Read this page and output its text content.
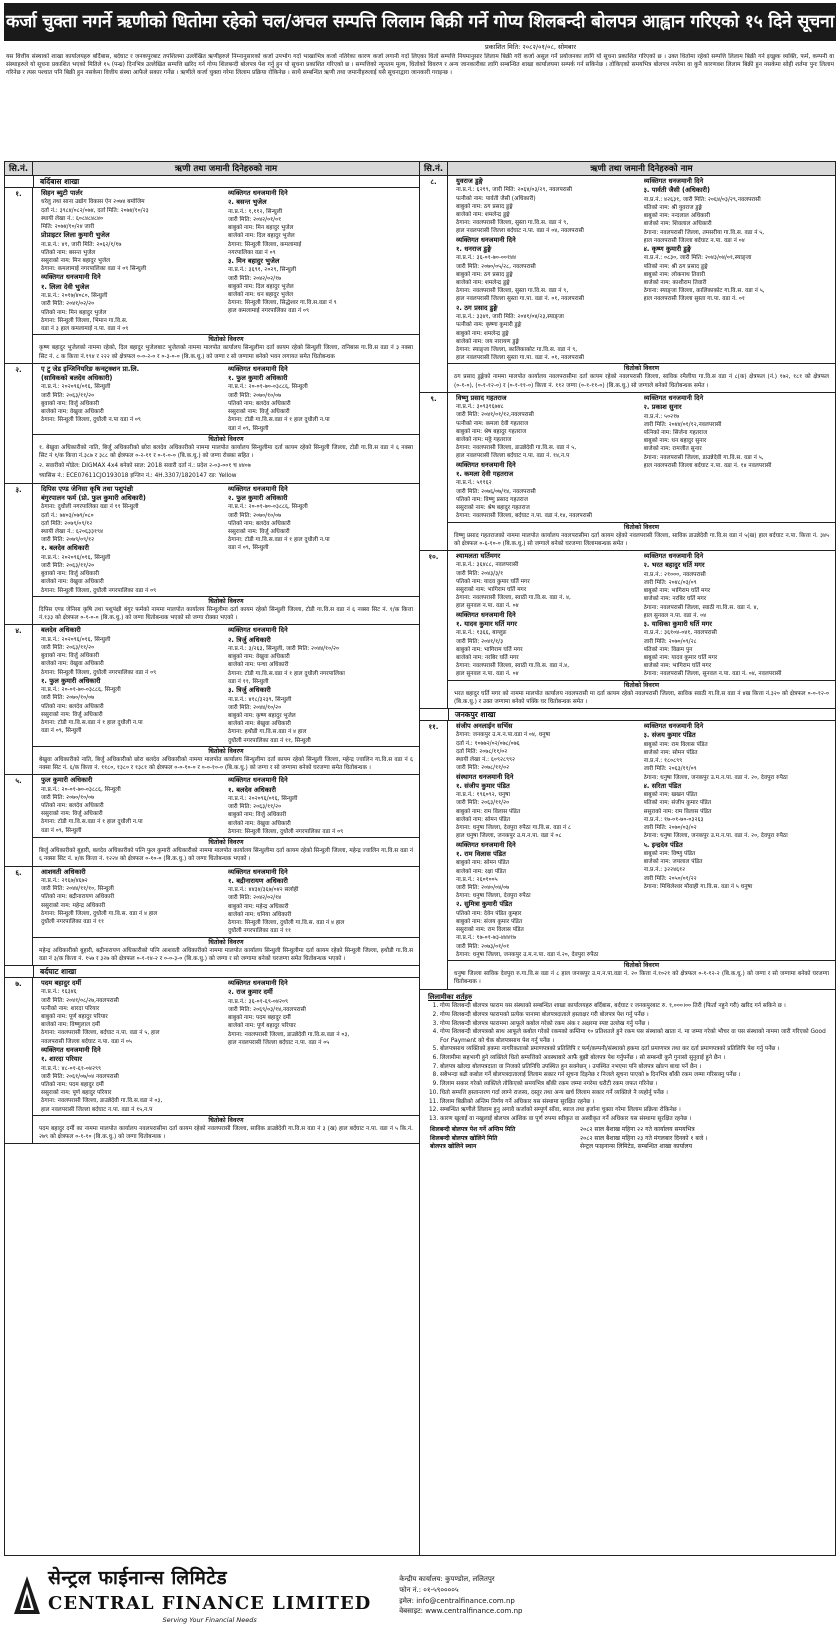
कर्जा चुक्ता नगर्ने ऋणीको धितोमा रहेको चल/अचल सम्पत्ति लिलाम बिक्री गर्ने गोप्य शिलबन्दी बोलपत्र आह्वान गरिएको १५ दिने सूचना
प्रकाशित मिति: २०८२/०१/०८, सोमबार
यस वित्तीय संस्थाको शाखा कार्यालयहरु बर्दिबास, बर्दघाट र जनकपुरबाट तपशिलमा उल्लेखित ऋणीहरुले निम्नानुसारको कर्जा उपभोग गर्दा भाखाभित्र कर्जा नतिरेका कारण कर्जा लगानी गर्दा लिएका धितो सम्पत्ति नियमानुसार लिलाम बिक्री गरी कर्जा असुल गर्ने प्रयोजनका लागि यो सूचना प्रकाशित गरिएको छ । उक्त धितोमा रहेको सम्पत्ति लिलाम बिक्री गर्न इच्छुक व्यक्ति, फर्म, कम्पनी वा संस्थाहरुले यो सूचना प्रकाशित भएको मितिले १५ (पन्ध्र) दिनभित्र उल्लेखित सम्पत्ति खरिद गर्न गोप्य शिलबन्दी बोलपत्र पेश गर्नु हुन यो सूचना प्रकाशित गरिएको छ । सम्पत्तिको न्यूनतम मूल्य, धितोको विवरण र अन्य जानकारीका लागि सम्बन्धित शाखा कार्यालयमा सम्पर्क गर्न सकिनेछ । तोकिएको समयभित्र बोलपत्र नपरेमा वा कुनै कारणवश लिलाम बिक्री हुन नसकेमा सोही शर्तमा पुनः लिलाम गरिनेछ र त्यस पश्चात पनि बिक्री हुन नसकेमा वित्तीय संस्था आफैले सकार गर्नेछ । ऋणीले कर्जा चुक्ता गरेमा लिलाम प्रक्रिया रोकिनेछ । साथै सम्बन्धित ऋणी तथा जमानीहरुलाई यसै सूचनाद्वारा जानकारी गराइन्छ ।
सि.नं.	ऋणी तथा जमानी दिनेहरुको नाम
बर्दिबास शाखा
१.	सिहन ब्युटी पार्लर

धरेलु तथा साना उद्योग विकास ऐन २०७४ बमोजिम

दर्ता नं.: ३९८४/०८२/०७४, दर्ता मिति: २०७४/१०/२३

स्थायी लेखा नं.: ६०८४८४८४०

मिति: २०७४/१०/२४ जारी

प्रोप्राइटर लिला कुमारी भुजेल

ना.प्र.नं.: ४१, जारी मिति: २०६२/१/१७

पतिको नाम: बसन्त भुजेल

ससुराको नाम: मिन बहादुर भुजेल

ठेगाना: कमलामाई नगरपालिका वडा नं ०९ सिन्धुली

व्यक्तिगत धनजमानी दिने

१. लिला देवी भुजेल

ना.प्र.नं.: २०१७/४०८०, सिन्धुली

जारी मिति: २०४१/०२/२०

पतिको नाम: मिन बहादुर भुजेल

ठेगाना: सिन्धुली जिल्ला, भिमान गा.वि.स.

वडा नं ३ हाल कमलामाई न.पा. वडा नं ०९

व्यक्तिगत धनजमानी दिने

२. बसन्त भुजेल

ना.प्र.नं.: १,११२, सिन्धुली

जारी मिति: २०४२/०१/०१

बाबुको नाम: मिन बहादुर भुजेल

बाजेको नाम: दिल बहादुर भुजेल

ठेगाना: सिन्धुली जिल्ला, कमलामाई

नगरपालिका वडा नं ०९

३. मिन बहादुर भुजेल

ना.प्र.नं.: ३६९१, २०२९, सिन्धुली

जारी मिति: २०४२/०२/१७

बाबुको नाम: दिल बहादुर भुजेल

बाजेको नाम: धन बहादुर भुजेल

ठेगाना: सिन्धुली जिल्ला, सिद्धेश्वर गा.वि.स.वडा नं ९

हाल कमलामाई नगरपालिका वडा नं ०९

धितोको विवरण
कृष्ण बहादुर भुजेलको नाममा रहेको, दिल बहादुर भुजेलबाट भुजेलको नाममा मालपोत कार्यालय सिन्धुलीमा दर्ता कायम रहेको सिन्धुली जिल्ला, रानिबास गा.वि.स वडा नं ३ नक्सा सिट नं. ८ क कित्ता नं.१९४ र २२२ को क्षेत्रफल ०-०-२-० र ०-३-०-० (बि.क.धु.) को जग्गा र सो जग्गामा बनेको भवन लगायत समेत धितोबन्धक
२.	ए टु जेड इन्जिनियरिङ कन्स्ट्रक्शन प्रा.लि.

(साविकको बलदेव अधिकारी)

ना.प्र.नं.: २०२०९६/०१६, सिन्धुली

जारी मिति: २०६३/११/२०

बुवाको नाम: विर्जु अधिकारी

बाजेको नाम: वेखुवा अधिकारी

ठेगाना: सिन्धुली जिल्ला, दुधौली न.पा वडा नं ०९

व्यक्तिगत धनजमानी दिने

१. फुल कुमारी अधिकारी

ना.प्र.नं.: २०-०१-७०-०३८८६, सिन्धुली

जारी मिति: २०७०/१०/०७

पतिको नाम: बलदेव अधिकारी

ससुराको नाम: विर्जु अधिकारी

ठेगाना: टोडी गा.वि.स.वडा नं १ हाल दुधौली न.पा

वडा नं ०९, सिन्धुली

धितोको विवरण
१. बेखुवा अधिकारीको नाति, बिर्जु अधिकारीको छोरा बलदेव अधिकारीको नाममा मालपोत कार्यालय सिन्धुलीमा दर्ता कायम रहेको सिन्धुली जिल्ला, टोडी गा.वि.स वडा नं ६ नक्सा सिट नं १/क कित्ता नं.३८७ र ३८८ को क्षेत्रफल ०-२-११ र ०-१-०-० (बि.क.धु.) को जग्गा रोक्का सहित ।
२. सवारीको मोडेल: DIGMAX 4x4 बनेको साल: 2018 सवारी दर्ता नं.: प्रदेश २-०३-००१ च ४४०७
च्यासिस नं.: ECE07611CJO193018 इन्जिन नं.: 4H.3307/1820147 रङ: Yellow
३.	दिपिस एण्ड जेनिसा कृषि तथा पशुपंक्षी

बंगुरपालन फर्म (प्रो. फुल कुमारी अधिकारी)

ठेगाना: दुधौली नगरपालिका वडा नं ११ सिन्धुली

दर्ता नं.: ७४०३/०७९/०८०

दर्ता मिति: २०७९/०९/१२

स्थायी लेखा नं.: ६२०६३३१९४

जारी मिति: २०७९/०९/१२

१. बलदेव अधिकारी

ना.प्र.नं.: २०२०९६/०१६, सिन्धुली

जारी मिति: २०६३/११/२०

बुवाको नाम: विर्जु अधिकारी

बाजेको नाम: वेखुवा अधिकारी

ठेगाना: सिन्धुली जिल्ला, दुधौली नगरपालिका वडा नं ०९

व्यक्तिगत धनजमानी दिने

२. फुल कुमारी अधिकारी

ना.प्र.नं.: २०-०१-७०-०३८८६, सिन्धुली

जारी मिति: २०७०/१०/०७

पतिको नाम: बलदेव अधिकारी

ससुराको नाम: विर्जु अधिकारी

ठेगाना: टोडी गा.वि.स.वडा नं १ हाल दुधौली न.पा

वडा नं ०९, सिन्धुली

धितोको विवरण
दिपिस एण्ड जेनिसा कृषि तथा पशुपंक्षी बंगुर फर्मको नाममा मालपोत कार्यालय सिन्धुलीमा दर्ता कायम रहेको सिन्धुली जिल्ला, टोडी गा.वि.स वडा नं ६ नक्सा सिट नं. १/क कित्ता नं.१३३ को क्षेत्रफल ०-१-०-० (बि.क.धु.) को जग्गा धितोबन्धक भएको सो जग्गा रोक्का भएको ।
४.	बलदेव अधिकारी

ना.प्र.नं.: २०२०९६/०१६, सिन्धुली

जारी मिति: २०६३/११/२०

बुवाको नाम: विर्जु अधिकारी

बाजेको नाम: वेखुवा अधिकारी

ठेगाना: सिन्धुली जिल्ला, दुधौली नगरपालिका वडा नं ०९

१. फुल कुमारी अधिकारी

ना.प्र.नं.: २०-०१-७०-०३८८६, सिन्धुली

जारी मिति: २०७०/१०/०७

पतिको नाम: बलदेव अधिकारी

ससुराको नाम: विर्जु अधिकारी

ठेगाना: टोडी गा.वि.स.वडा नं १ हाल दुधौली न.पा

वडा नं ०९, सिन्धुली

व्यक्तिगत धनजमानी दिने

२. त्रिर्जु अधिकारी

ना.प्र.नं.: ३/२६३, सिन्धुली, जारी मिति: २०४४/१०/२०

बाबुको नाम: वेखुवा अधिकारी

बाजेको नाम: पन्चा अधिकारी

ठेगाना: टोडी गा.वि.स.वडा नं १ हाल दुधौली नगरपालिका

वडा नं ११, सिन्धुली

३. त्रिर्जु अधिकारी

ना.प्र.नं.: ४१८/३२३९, सिन्धुली

जारी मिति: २०४४/१०/२०

बाबुको नाम: कृष्ण बहादुर भुजेल

बाजेको नाम: बेखुवा अधिकारी

ठेगाना: हथौडी गा.वि.स.वडा नं ४ हाल

दुधौली नगरपालिका वडा नं ११, सिन्धुली

धितोको विवरण
बेखुवा अधिकारीको नाति, बिर्जु अधिकारीको छोरा बलदेव अधिकारीको नाममा मालपोत कार्यालय सिन्धुलीमा दर्ता कायम रहेको सिन्धुली जिल्ला, महेन्द्र ज्वालिन गा.वि.स वडा नं ६ नक्सा सिट नं. ६/क कित्ता नं. ११८०, १३८० र १३८१ को क्षेत्रफल ०-०-१०-० र ०-०-१०-० (बि.क.धु.) को जग्गा र सो जग्गामा बनेको घरजग्गा समेत धितोबन्धक ।
५.	फुल कुमारी अधिकारी

ना.प्र.नं.: २०-०१-७०-०३८८६, सिन्धुली

जारी मिति: २०७०/१०/०७

पतिको नाम: बलदेव अधिकारी

ससुराको नाम: विर्जु अधिकारी

ठेगाना: टोडी गा.वि.स.वडा नं १ हाल दुधौली न.पा

वडा नं ०९, सिन्धुली

व्यक्तिगत धनजमानी दिने

१. बलदेव अधिकारी

ना.प्र.नं.: २०२०९६/०१६, सिन्धुली

जारी मिति: २०६३/११/२०

बाबुको नाम: विर्जु अधिकारी

बाजेको नाम: वेखुवा अधिकारी

ठेगाना: सिन्धुली जिल्ला, दुधौली नगरपालिका वडा नं ०९

धितोको विवरण
बिर्जु अधिकारीको बुहारी, बलदेव अधिकारीको पत्नि फुल कुमारी अधिकारीको नाममा मालपोत कार्यालय सिन्धुलीमा दर्ता कायम रहेको सिन्धुली जिल्ला, महेन्द्र ज्वालिन गा.वि.स वडा नं ६ नक्सा सिट नं. ४/क कित्ता नं. १२२४ को क्षेत्रफल ०-१०-० (बि.क.धु.) को जग्गा धितोबन्धक भएको ।
६.	आशवती अधिकारी

ना.प्र.नं.: २१६७/४६७२

जारी मिति: २०४४/११/१०, सिन्धुली

पतिको नाम: बद्रीनारायण अधिकारी

ससुराको नाम: महेन्द्र अधिकारी

ठेगाना: सिन्धुली जिल्ला, दुधौली गा.वि.स. वडा नं ४ हाल

दुधौली नगरपालिका वडा नं ११

व्यक्तिगत धनजमानी दिने

१. बद्रीनारायण अधिकारी

ना.प्र.नं.: ४४३४/३६७/०४२ सर्लाही

जारी मिति: २०४२/०२/१४

बाबुको नाम: महेन्द्र अधिकारी

बाजेको नाम: धनिया अधिकारी

ठेगाना: सिन्धुली जिल्ला, दुधौली गा.वि.स. वडा नं ४ हाल

दुधौली नगरपालिका वडा नं ११

धितोको विवरण
महेन्द्र अधिकारीको बुहारी, बद्रीनारायण अधिकारीको पत्नि आशवती अधिकारीको नाममा मालपोत कार्यालय सिन्धुली सिन्धुलीमा दर्ता कायम रहेको सिन्धुली जिल्ला, हथौडी गा.वि.स वडा नं ३/क कित्ता नं. १५७ र ३२७ को क्षेत्रफल ०-१-१४-२ र ०-०-३-० (बि.क.धु.) को जग्गा र सो जग्गामा बनेको घरजग्गा समेत धितोबन्धक भएको ।
बर्दघाट शाखा
७.	पदम बहादुर दर्मी

ना.प्र.नं.: १६३४६

जारी मिति: २०४१/०८/२७,नवलपरासी

पत्नीको नाम: शारदा परियार

बाबुको नाम: पूर्ण बहादुर परियार

बाजेको नाम: विष्णुलाल दर्मी

ठेगाना: नवलपरासी जिल्ला, बर्दघाट न.पा. वडा नं ५, हाल

नवलपरासी जिल्ला बर्दघाट न.पा. वडा नं ०५

व्यक्तिगत धनजमानी दिने

१. शारदा परियार

ना.प्र.नं.: ४८-०१-६१-०४२९९

जारी मिति: २०६१/०७/०४ नवलपरासी

पतिको नाम: पदम बहादुर दर्मी

ससुराको नाम: पूर्ण बहादुर परियार

ठेगाना: नवलपरासी जिल्ला, डाउन्नेदेवी गा.वि.स.वडा नं ०३,

हाल नवलपरासी जिल्ला बर्दघाट न.पा. वडा नं १५,न.प

व्यक्तिगत धनजमानी दिने

२. राज कुमार दर्मी

ना.प्र.नं.: ३६-०१-६९-०४२०९

जारी मिति: २०६९/०३/१४,नवलपरासी

बाबुको नाम: पदम बहादुर दर्मी

बाजेको नाम: पूर्ण बहादुर परियार

ठेगाना: नवलपरासी जिल्ला, डाउन्नेदेवी गा.वि.स.वडा नं ०३,

हाल नवलपरासी जिल्ला बर्दघाट न.पा. वडा नं ०५

धितोको विवरण
पदम बहादुर दर्मी का नाममा मालपोत कार्यालय नवलपरासीमा दर्ता कायम रहेको नवलपरासी जिल्ला, साविक डाउन्नेदेवी गा.वि.स वडा नं ३ (ख) हाल बर्दघाट न.पा. वडा नं ५ कि.नं. २७९ को क्षेत्रफल ०-१-१० (बि.क.धु.) को जग्गा धितोबन्धक ।
सि.नं.	ऋणी तथा जमानी दिनेहरुको नाम
८.	युवराज डुङ्गे

ना.प्र.नं.: ६२१९, जारी मिति: २०६४/०३/२९, नवलपरासी

पत्नीको नाम: पार्वती जैसी (अधिकारी)

बाबुको नाम: ठग प्रसाद डुङ्गे

बाजेको नाम: शमलेन्द्र डुङ्गे

ठेगाना: नवलपरासी जिल्ला, सुस्ता गा.वि.स. वडा नं ९,

हाल नवलपरासी जिल्ला बर्दघाट न.पा. वडा नं ०४, नवलपरासी

व्यक्तिगत धनजमानी दिने

१. धनराज डुङ्गे

ना.प्र.नं.: ३६-०१-७०-००१४४

जारी मिति: २०७०/०५/२८, नवलपरासी

बाबुको नाम: ठग प्रसाद डुङ्गे

बाजेको नाम: शमलेन्द्र डुङ्गे

ठेगाना: नवलपरासी जिल्ला, सुस्ता गा.वि.स. वडा नं ९,

हाल नवलपरासी जिल्ला सुस्ता गा.पा. वडा नं. ०१, नवलपरासी

२. ठग प्रसाद डुङ्गे

ना.प्र.नं.: ३३४१, जारी मिति: २०४१/०४/२३,स्याङ्जा

पत्नीको नाम: कृष्णा कुमारी डुङ्गे

बाबुको नाम: शमलेन्द्र डुङ्गे

बाजेको नाम: जय नारायण डुङ्गे

ठेगाना: स्याङ्जा जिल्ला, कालिकाकोट गा.वि.स. वडा नं ९,

हाल नवलपरासी जिल्ला सुस्ता गा.पा. वडा नं. ०१, नवलपरासी

व्यक्तिगत धनजमानी दिने

३. पार्वती जैसी (अधिकारी)

ना.प्र.नं.: ४२६३१, जारी मिति: २०६४/०३/२९,नवलपरासी

पतिको नाम: श्री युवराज डुङ्गे

बाबुको नाम: नन्दलाल अधिकारी

बाजेको नाम: शिवलाल अधिकारी

ठेगाना: नवलपरासी जिल्ला, तमसरीया गा.वि.स. वडा नं ५,

हाल नवलपरासी जिल्ला बर्दघाट न.पा. वडा नं ०४

४. कृष्ण कुमारी डुङ्गे

ना.प्र.नं.: ०८३०, जारी मिति: २०४३/०४/०१,स्याङ्जा

पतिको नाम: श्री ठग प्रसाद डुङ्गे

बाबुको नाम: लोकनाथ तिवारी

बाजेको नाम: काशीराम तिवारी

ठेगाना: स्याङ्जा जिल्ला, कालिकाकोट गा.वि.स. वडा नं ५,

हाल नवलपरासी जिल्ला सुस्ता गा.पा. वडा नं. ०१

धितोको विवरण
ठग प्रसाद डुङ्गेको नाममा मालपोत कार्यालय नवलपरासीमा दर्ता कायम रहेको नवलपरासी जिल्ला, साविक रमैलीया गा.वि.स वडा नं ८(क) क्षेत्रफल (नं.) १७२, १८१ को क्षेत्रफल (०-१-०), (०-१-१२-०) र (०-१-११-०) कित्ता नं. ११२ जग्गा (०-१-११-०) (बि.क.धु.) सो जग्गाले बनेको धितोबन्धक समेत ।
९.	विष्णु प्रसाद गहतराज

ना.प्र.नं.: ३०९३१६७४८

जारी मिति: २०४१/०१/१२,नवलपरासी

पत्नीको नाम: कमला देवी गहतराज

बाबुको नाम: श्रेष बहादुर गहतराज

बाजेको नाम: मठ्ठे गहतराज

ठेगाना: नवलपरासी जिल्ला, डाउन्नेदेवी गा.वि.स. वडा नं ५,

हाल नवलपरासी जिल्ला बर्दघाट न.पा. वडा नं. १४,न.प

व्यक्तिगत धनजमानी दिने

१. कमला देवी गहतराज

ना.प्र.नं.: ५११६२

जारी मिति: २०७६/०७/१४, नवलपरासी

पतिको नाम: विष्णु प्रसाद गहतराज

ससुराको नाम: श्रेष बहादुर गहतराज

ठेगाना: नवलपरासी जिल्ला, बर्दघाट न.पा. वडा नं.१४, नवलपरासी

व्यक्तिगत धनजमानी दिने

२. प्रकाश सुनार

ना.प्र.नं.: ५०२१७

जारी मिति: २०४४/०१/१२,नवलपरासी

पत्निको नाम: सिर्जना गहतराज

बाबुको नाम: धन बहादुर सुनार

बाजेको नाम: रामजीत सुनार

ठेगाना: नवलपरासी जिल्ला, डाउन्नेदेवी गा.वि.स. वडा नं ५,

हाल नवलपरासी जिल्ला बर्दघाट न.पा. वडा नं. १४ नवलपरासी

धितोको विवरण
विष्णु प्रसाद गहतराजको नाममा मालपोत कार्यालय नवलपरासीमा दर्ता कायम रहेको नवलपरासी जिल्ला, साविक डाउन्नेदेवी गा.वि.स वडा नं ५(ख) हाल बर्दघाट न.पा. कित्ता नं. ३४५ को क्षेत्रफल ०-६-१०-० (बि.क.धु.) सो जग्गाले बनेको घरजग्गा लिलामबन्धक समेत ।
१०.	श्यामलता घर्तिमगर

ना.प्र.नं.: ३६४८८, नवलपरासी

जारी मिति: २०४३/३/१

पतिको नाम: यादव कुमार घर्ति मगर

ससुराको नाम: भागिराम घर्ति मगर

ठेगाना: नवलपरासी जिल्ला, स्वाठी गा.वि.स. वडा नं. ४,

हाल सुनवल न.पा. वडा नं. ०४

व्यक्तिगत धनजमानी दिने

१. यादव कुमार घर्ति मगर

ना.प्र.नं.: १३६६, बाग्लुङ

जारी मिति: २०४१/१/३

बाबुको नाम: भागिराम घर्ति मगर

बाजेको नाम: नरबिर घर्ति मगर

ठेगाना: नवलपरासी जिल्ला, स्वाठी गा.वि.स. वडा नं.४,

हाल सुनवल न.पा. वडा नं. ०४

व्यक्तिगत धनजमानी दिने

२. भरत बहादुर घर्ति मगर

ना.प्र.नं.: २१०००, नवलपरासी

जारी मिति: २०४८/०३/०९

बाबुको नाम: भागिराम घर्ति मगर

बाजेको नाम: नरबिर घर्ति मगर

ठेगाना: नवलपरासी जिल्ला, स्वाठी गा.वि.स. वडा नं. ४,

हाल सुनवल न.पा. वडा नं. ०४

३. यासिका कुमारी घर्ति मगर

ना.प्र.नं.: ३६१०४-०४१, नवलपरासी

जारी मिति: २०७०/०९/२८

पतिको नाम: विक्रम पुन

बाबुको नाम: यादव कुमार घर्ति मगर

बाजेको नाम: भागिराम घर्ति मगर

ठेगाना: नवलपरासी जिल्ला, सुनवल न.पा. वडा नं. ०४, नवलपरासी

धितोको विवरण
भरत बहादुर घर्ति मगर को नाममा मालपोत कार्यालय नवलपरासी मा दर्ता कायम रहेको नवलपरासी जिल्ला, साविक स्वाठी गा.वि.स वडा नं ४ख कित्ता नं.३२० को क्षेत्रफल ०-०-१२-० (बि.क.धु.) र उक्त जग्गामा बनेको पक्कि घर धितोबन्धक समेत ।
जनकपुर शाखा
११.	संजीप अनलाईन सर्भिस

ठेगाना: जनकपुर उ.म.न.पा.वडा नं ०४, धनुषा

दर्ता नं.: १०७७२/०२/०७८/०७६

दर्ता मिति: २०७८/११/०२

स्थायी लेखा नं.: ६०९२८९९२

जारी मिति: २०७८/११/०२

संस्थागत धनजमानी दिने

१. संजीप कुमार पंडित

ना.प्र.नं.: १९६०९२, धनुषा

जारी मिति: २०६३/११/२०

बाबुको नाम: राम विलास पंडित

बाजेको नाम: सोमन पंडित

ठेगाना: धनुषा जिल्ला, देवपुरा रुपैठा गा.वि.स. वडा नं ८

हाल धनुषा जिल्ला, जनकपुर उ.म.न.पा. वडा नं ०८

व्यक्तिगत धनजमानी दिने

१. राम विलास पंडित

बाबुको नाम: सोमन पंडित

बाजेको नाम: रक्षा पंडित

ना.प्र.नं.: २६०१००५

जारी मिति: २०४०/०४/०७

ठेगाना: धनुषा जिल्ला, देवपुरा रुपैठा

२. सुमित्रा कुमारी पंडित

पतिको नाम: देवेन पंडित कुम्हार

बाबुको नाम: संजय कुमार पंडित

ससुराको नाम: राम विलास पंडित

ना.प्र.नं.: १७-०१-७३-४४४१७

जारी मिति: २०७३/०१/०१

ठेगाना: धनुषा जिल्ला, जनकपुर उ.म.न.पा. वडा नं.२०, देवपुरा रुपैठा

व्यक्तिगत धनजमानी दिने

३. संजय कुमार पंडित

बाबुको नाम: राम विलास पंडित

बाजेको नाम: सोमन पंडित

ना.प्र.नं.: १८०८९९

जारी मिति: २०६३/११/०९

ठेगाना: धनुषा जिल्ला, जनकपुर उ.म.न.पा. वडा नं. २०, देवपुरा रुपैठा

४. सरिता पंडित

बाबुको नाम: खखन पंडित

पतिको नाम: संजीप कुमार पंडित

ससुराको नाम: राम विलास पंडित

ना.प्र.नं.: १७-०१-७०-०३२६३

जारी मिति: २०७०/०३/०२

ठेगाना: धनुषा जिल्ला, जनकपुर उ.म.न.पा. वडा नं. २०, देवपुरा रुपैठा

५. इन्द्रदेव पंडित

बाबुको नाम: विष्णु पंडित

बाजेको नाम: जयलाल पंडित

ना.प्र.नं.: ३२२४६१२

जारी मिति: २०५०/०१/२२

ठेगाना: मिथिलेश्वर मौवाही गा.वि.स. वडा नं ५ धनुषा

धितोको विवरण
धनुषा जिल्ला साविक देवपुरा रु.गा.वि.स वडा नं ८ हाल जनकपुर उ.म.न.पा.वडा नं. २० कित्ता नं.१०२१ को क्षेत्रफल ०-१-१२-२ (बि.क.धु.) को जग्गा र सो जग्गामा बनेको घरजग्गा धितोबन्धक ।
लिलामीका शर्तहरु
1. गोप्य शिलबन्दी बोलपत्र फाराम यस संस्थाको सम्बन्धित शाखा कार्यालयहरु बर्दिबास, बर्दघाट र जनकपुरबाट रु. १,०००।०० तिरी (फिर्ता नहुने गरी) खरिद गर्न सकिने छ ।
2. गोप्य शिलबन्दी बोलपत्र फारामको प्रत्येक पानामा बोलपत्रदाताले हस्ताक्षर गरी बोलपत्र पेश गर्नु पर्नेछ ।
3. गोप्य शिलबन्दी बोलपत्र फाराममा आफूले कबोल गरेको रकम अंक र अक्षरमा स्पष्ट उल्लेख गर्नु पर्नेछ ।
4. गोप्य शिलबन्दी बोलपत्रको साथ आफूले कबोल गरेको रकमको कम्तिमा १० प्रतिशतले हुने रकम यस संस्थाको खाता नं. मा जम्मा गरेको भौचर वा यस संस्थाको नाममा जारी गरिएको Good For Payment को चेक बोलपत्रसाथ पेश गर्नु पर्नेछ ।
5. बोलपत्रसाथ व्यक्तिको हकमा नागरिकताको प्रमाणपत्रको प्रतिलिपि र फर्म/कम्पनी/संस्थाको हकमा दर्ता प्रमाणपत्र तथा कर दर्ता प्रमाणपत्रको प्रतिलिपि पेश गर्नु पर्नेछ ।
6. लिलामीमा सहभागी हुने व्यक्तिले धितो सम्पत्तिको अवस्थाबारे आफैं बुझी बोलपत्र पेश गर्नुपर्नेछ । सो सम्बन्धी कुनै गुनासो सुनुवाई हुने छैन ।
7. बोलपत्र खोल्दा बोलपत्रदाता वा निजको प्रतिनिधि उपस्थित हुन सक्नेछन् । उपस्थित नभएमा पनि बोलपत्र खोल्न बाधा पर्ने छैन ।
8. सबैभन्दा बढी कबोल गर्ने बोलपत्रदातालाई लिलाम सकार गर्न सूचना दिइनेछ र निजले सूचना पाएको ७ दिनभित्र बाँकी रकम जम्मा गरिसक्नु पर्नेछ ।
9. लिलाम सकार गरेको व्यक्तिले तोकिएको समयभित्र बाँकी रकम जम्मा नगरेमा धरौटी रकम जफत गरिनेछ ।
10. धितो सम्पत्ति हस्तान्तरण गर्दा लाग्ने राजस्व, दस्तुर तथा अन्य खर्च लिलाम सकार गर्ने व्यक्तिले नै व्यहोर्नु पर्नेछ ।
11. लिलाम बिक्रीको अन्तिम निर्णय गर्ने अधिकार यस संस्थामा सुरक्षित रहनेछ ।
12. सम्बन्धित ऋणीले लिलाम हुनु अगावै कर्जाको सम्पूर्ण साँवा, ब्याज तथा हर्जाना चुक्ता गरेमा लिलाम प्रक्रिया रोकिनेछ ।
13. कारण खुलाई वा नखुलाई बोलपत्र आंशिक वा पूर्ण रुपमा स्वीकृत वा अस्वीकृत गर्ने अधिकार यस संस्थामा सुरक्षित रहनेछ ।
शिलबन्दी बोलपत्र पेश गर्ने अन्तिम मिति	२०८२ साल बैशाख महिना २२ गते कार्यालय समयभित्र
शिलबन्दी बोलपत्र खोलिने मिति	२०८२ साल बैशाख महिना २३ गते मंगलबार दिनको १ बजे ।
बोलपत्र खोलिने स्थान	सेन्ट्रल फाइनान्स लिमिटेड, सम्बन्धित शाखा कार्यालय
सेन्ट्रल फाईनान्स लिमिटेड
CENTRAL FINANCE LIMITED
Serving Your Financial Needs
केन्द्रीय कार्यालय: कुपण्डोल, ललितपुर
फोन नं.: ०१-५९००००५
इमेल: info@centralfinance.com.np
वेबसाइट: www.centralfinance.com.np
